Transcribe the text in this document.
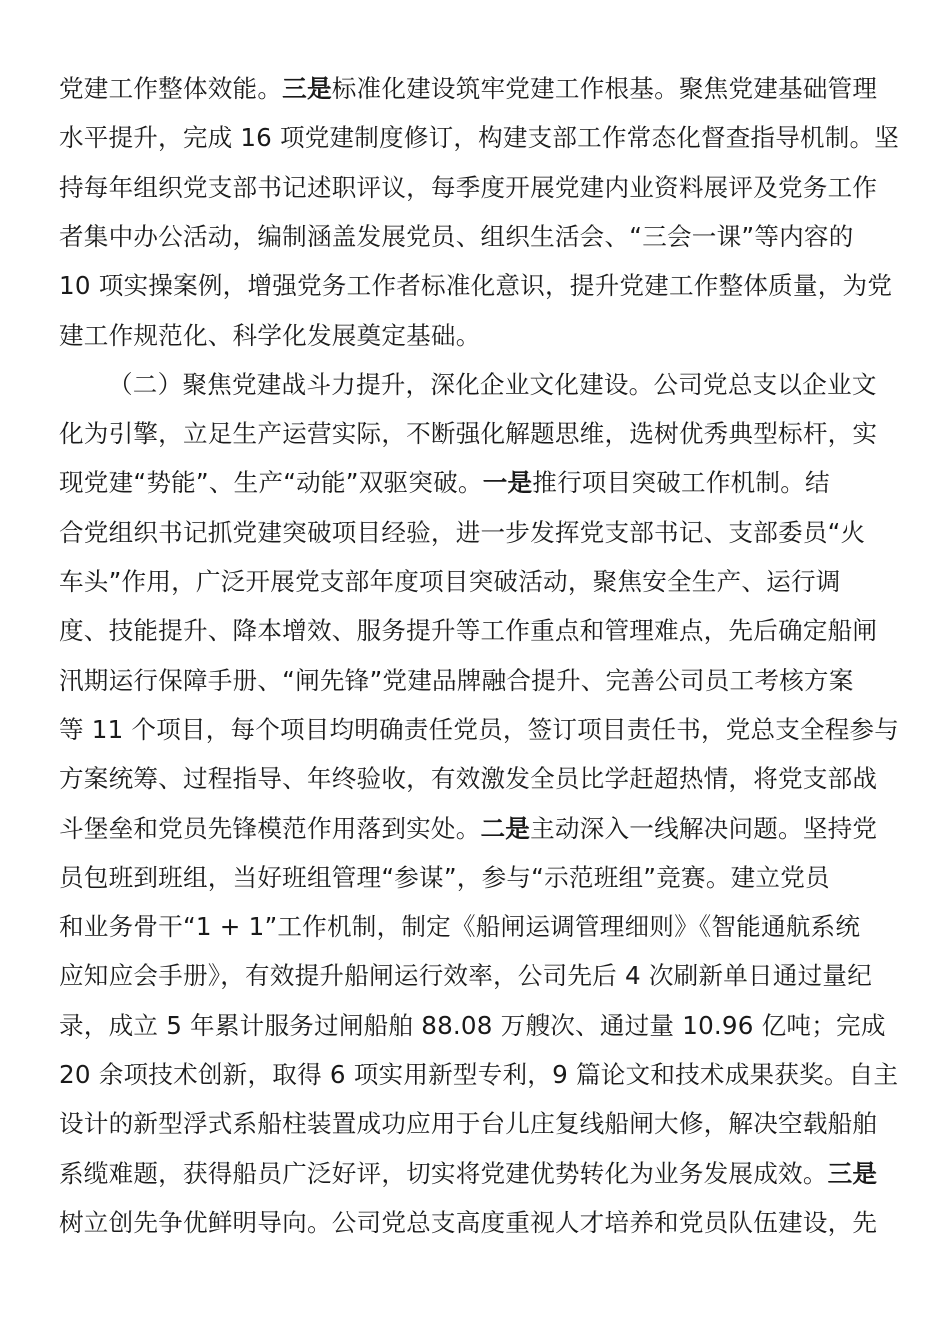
党建工作整体效能。三是标准化建设筑牢党建工作根基。聚焦党建基础管理
水平提升，完成 16 项党建制度修订，构建支部工作常态化督查指导机制。坚
持每年组织党支部书记述职评议，每季度开展党建内业资料展评及党务工作
者集中办公活动，编制涵盖发展党员、组织生活会、“三会一课”等内容的
10 项实操案例，增强党务工作者标准化意识，提升党建工作整体质量，为党
建工作规范化、科学化发展奠定基础。
（二）聚焦党建战斗力提升，深化企业文化建设。公司党总支以企业文
化为引擎，立足生产运营实际，不断强化解题思维，选树优秀典型标杆，实
现党建“势能”、生产“动能”双驱突破。一是推行项目突破工作机制。结
合党组织书记抓党建突破项目经验，进一步发挥党支部书记、支部委员“火
车头”作用，广泛开展党支部年度项目突破活动，聚焦安全生产、运行调
度、技能提升、降本增效、服务提升等工作重点和管理难点，先后确定船闸
汛期运行保障手册、“闸先锋”党建品牌融合提升、完善公司员工考核方案
等 11 个项目，每个项目均明确责任党员，签订项目责任书，党总支全程参与
方案统筹、过程指导、年终验收，有效激发全员比学赶超热情，将党支部战
斗堡垒和党员先锋模范作用落到实处。二是主动深入一线解决问题。坚持党
员包班到班组，当好班组管理“参谋”，参与“示范班组”竞赛。建立党员
和业务骨干“1 + 1”工作机制，制定《船闸运调管理细则》《智能通航系统
应知应会手册》，有效提升船闸运行效率，公司先后 4 次刷新单日通过量纪
录，成立 5 年累计服务过闸船舶 88.08 万艘次、通过量 10.96 亿吨；完成
20 余项技术创新，取得 6 项实用新型专利，9 篇论文和技术成果获奖。自主
设计的新型浮式系船柱装置成功应用于台儿庄复线船闸大修，解决空载船舶
系缆难题，获得船员广泛好评，切实将党建优势转化为业务发展成效。三是
树立创先争优鲜明导向。公司党总支高度重视人才培养和党员队伍建设，先
